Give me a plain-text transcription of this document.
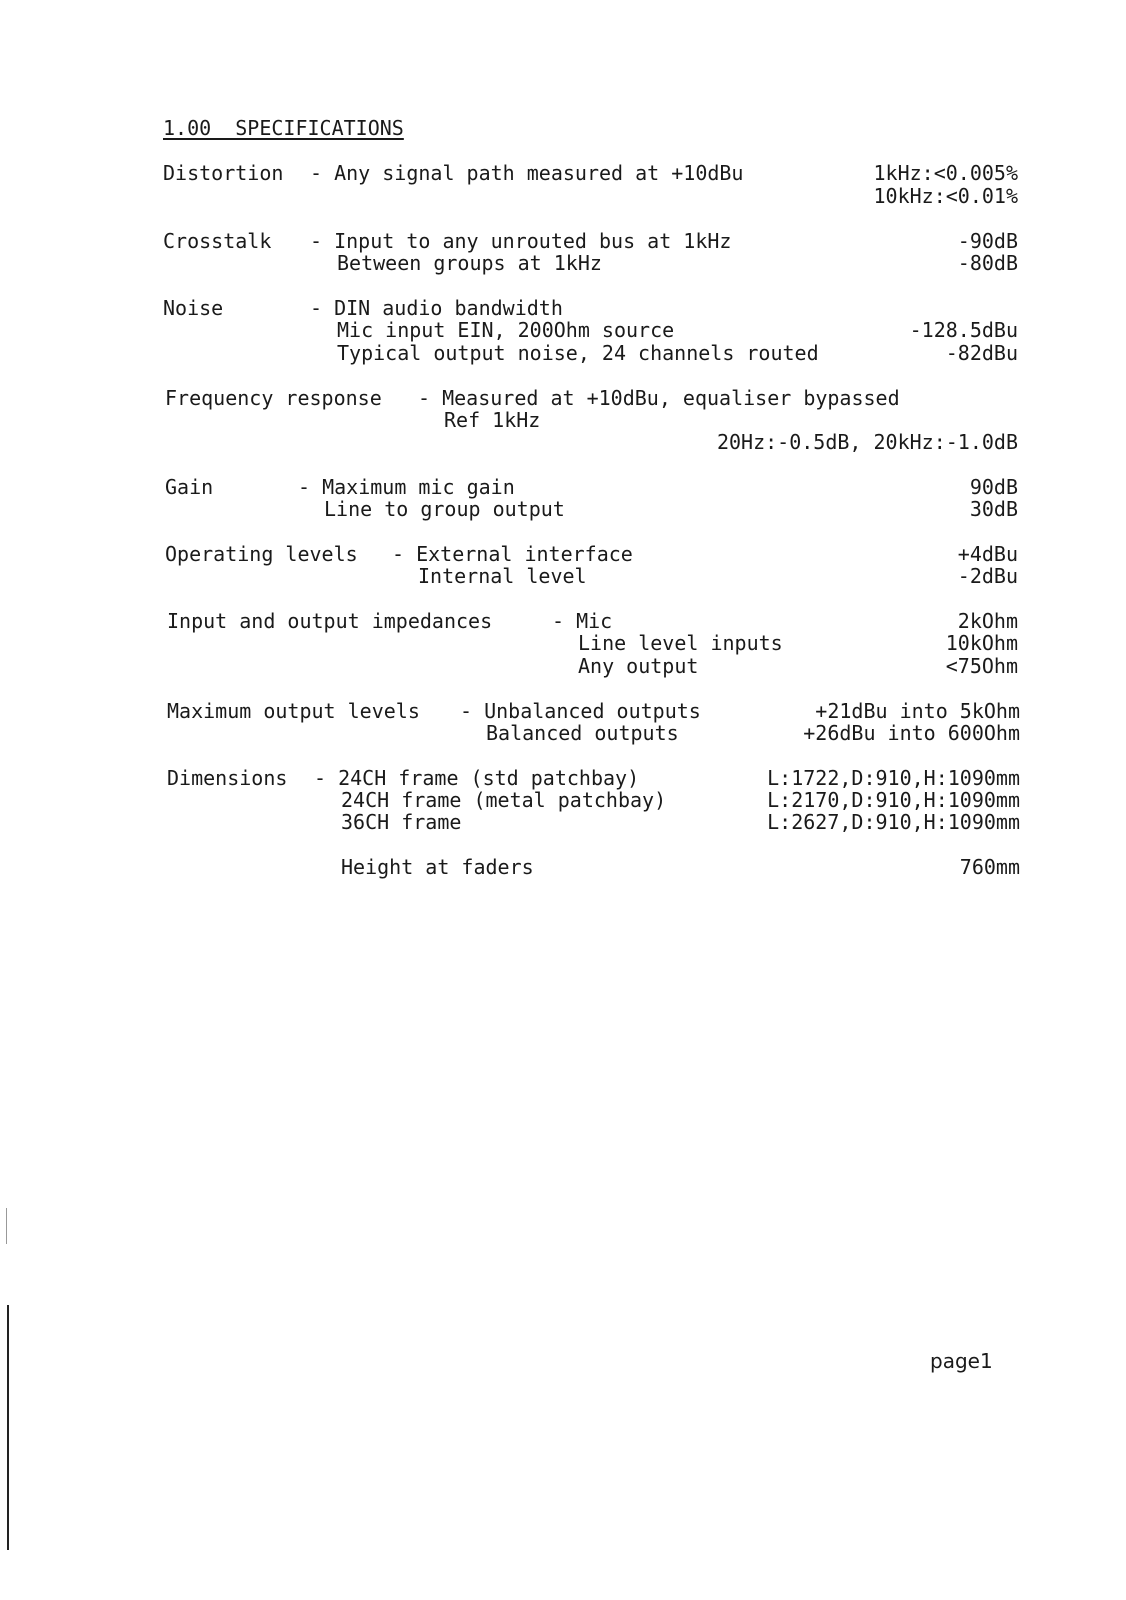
1.00  SPECIFICATIONS
Distortion - Any signal path measured at +10dBu	1kHz:<0.005%
10kHz:<0.01%
Crosstalk - Input to any unrouted bus at 1kHz	-90dB
Between groups at 1kHz	-80dB
Noise	- DIN audio bandwidth
Mic input EIN, 200Ohm source	-128.5dBu
Typical output noise, 24 channels routed	-82dBu
Frequency response - Measured at +10dBu, equaliser bypassed
Ref 1kHz
20Hz:-0.5dB, 20kHz:-1.0dB
Gain	- Maximum mic gain	90dB
Line to group output	30dB
Operating levels - External interface	+4dBu
Internal level	-2dBu
Input and output impedances	- Mic	2kOhm
Line level inputs	10kOhm
Any output	<75Ohm
Maximum output levels - Unbalanced outputs	+21dBu into 5kOhm
Balanced outputs	+26dBu into 600Ohm
Dimensions - 24CH frame (std patchbay)	L:1722,D:910,H:1090mm
24CH frame (metal patchbay)	L:2170,D:910,H:1090mm
36CH frame	L:2627,D:910,H:1090mm
Height at faders	760mm
page1
